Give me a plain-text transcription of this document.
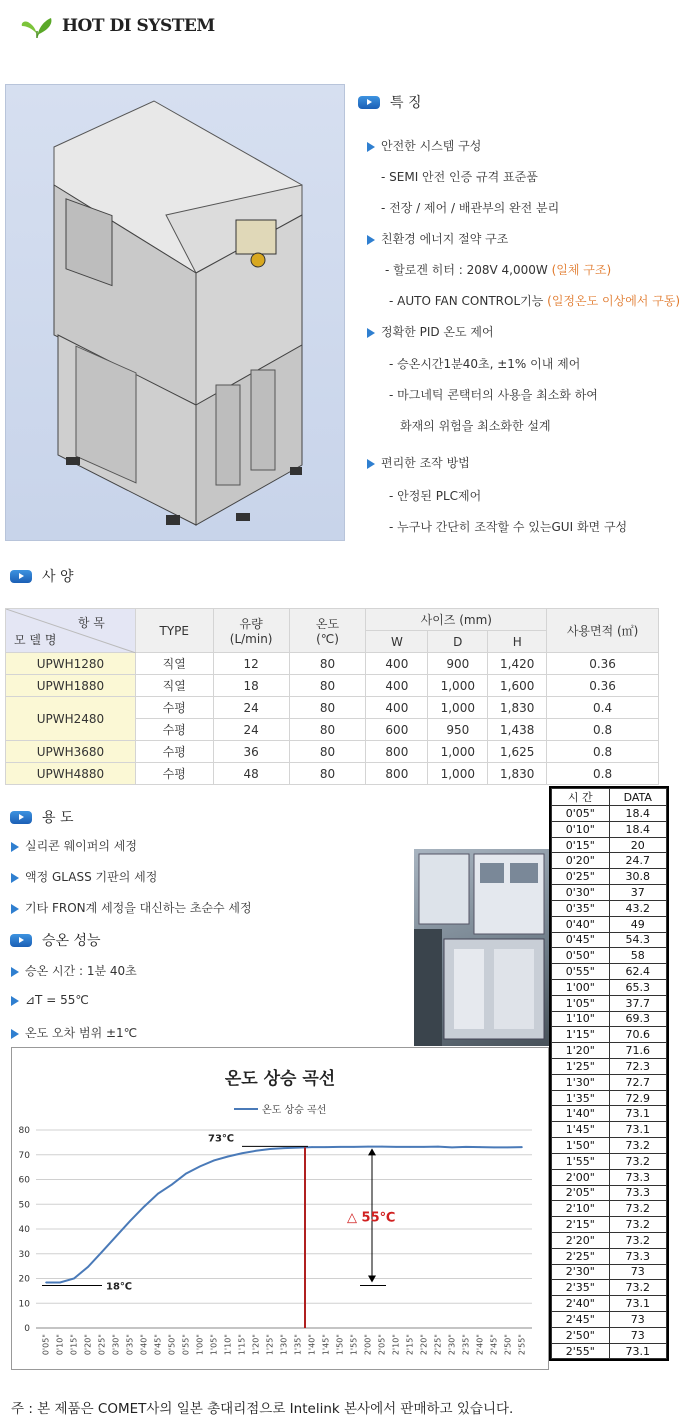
HOT DI SYSTEM
특 징
안전한 시스템 구성
- SEMI 안전 인증 규격 표준품
- 전장 / 제어 / 배관부의 완전 분리
친환경 에너지 절약 구조
- 할로겐 히터 : 208V 4,000W (일체 구조)
- AUTO FAN CONTROL기능 (일정온도 이상에서 구동)
정확한 PID 온도 제어
- 승온시간1분40초, ±1% 이내 제어
- 마그네틱 콘택터의 사용을 최소화 하여
화재의 위험을 최소화한 설계
편리한 조작 방법
- 안정된 PLC제어
- 누구나 간단히 조작할 수 있는GUI 화면 구성
사 양
항 목
모 델 명	TYPE	유량
(L/min)	온도
(℃)	사이즈 (mm)			사용면적 (㎡)
				W	D	H	
UPWH1280	직열	12	80	400	900	1,420	0.36
UPWH1880	직열	18	80	400	1,000	1,600	0.36
UPWH2480	수평	24	80	400	1,000	1,830	0.4
	수평	24	80	600	950	1,438	0.8
UPWH3680	수평	36	80	800	1,000	1,625	0.8
UPWH4880	수평	48	80	800	1,000	1,830	0.8
용 도
실리콘 웨이퍼의 세정
액정 GLASS 기판의 세정
기타 FRON계 세정을 대신하는 초순수 세정
승온 성능
승온 시간 : 1분 40초
⊿T = 55℃
온도 오차 범위 ±1℃
시 간	DATA
0'05"	18.4
0'10"	18.4
0'15"	20
0'20"	24.7
0'25"	30.8
0'30"	37
0'35"	43.2
0'40"	49
0'45"	54.3
0'50"	58
0'55"	62.4
1'00"	65.3
1'05"	37.7
1'10"	69.3
1'15"	70.6
1'20"	71.6
1'25"	72.3
1'30"	72.7
1'35"	72.9
1'40"	73.1
1'45"	73.1
1'50"	73.2
1'55"	73.2
2'00"	73.3
2'05"	73.3
2'10"	73.2
2'15"	73.2
2'20"	73.2
2'25"	73.3
2'30"	73
2'35"	73.2
2'40"	73.1
2'45"	73
2'50"	73
2'55"	73.1
온도 상승 곡선
온도 상승 곡선
0
10
20
30
40
50
60
70
80
0'05" 0'10" 0'15" 0'20" 0'25" 0'30" 0'35" 0'40" 0'45" 0'50" 0'55" 1'00" 1'05" 1'10" 1'15" 1'20" 1'25" 1'30" 1'35" 1'40" 1'45" 1'50" 1'55" 2'00" 2'05" 2'10" 2'15" 2'20" 2'25" 2'30" 2'35" 2'40" 2'45" 2'50" 2'55"
73℃
18℃
△ 55℃
주 : 본 제품은 COMET사의 일본 총대리점으로 Intelink 본사에서 판매하고 있습니다.
